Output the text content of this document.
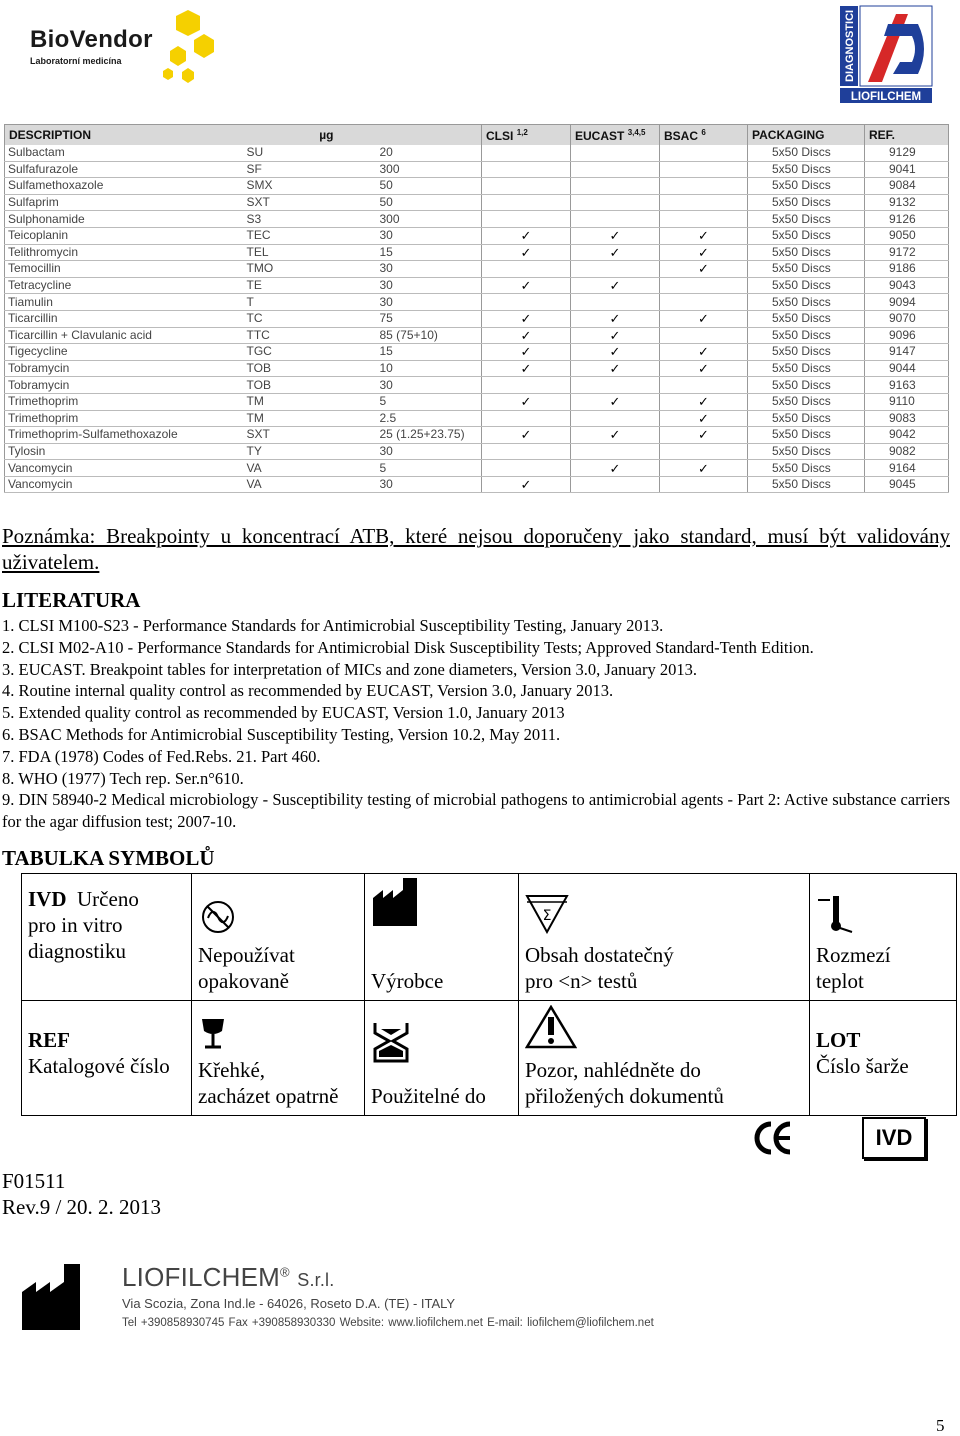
BioVendor
Laboratorní medicína	DIAGNOSTICI
LIOFILCHEM
DESCRIPTION	µg		CLSI $^{1,2}$	EUCAST $^{3,4,5}$	BSAC $^6$	PACKAGING	REF.
Sulbactam	SU	20				5x50 Discs	9129
Sulfafurazole	SF	300				5x50 Discs	9041
Sulfamethoxazole	SMX	50				5x50 Discs	9084
Sulfaprim	SXT	50				5x50 Discs	9132
Sulphonamide	S3	300				5x50 Discs	9126
Teicoplanin	TEC	30	✓	✓	✓	5x50 Discs	9050
Telithromycin	TEL	15	✓	✓	✓	5x50 Discs	9172
Temocillin	TMO	30			✓	5x50 Discs	9186
Tetracycline	TE	30	✓	✓		5x50 Discs	9043
Tiamulin	T	30				5x50 Discs	9094
Ticarcillin	TC	75	✓	✓	✓	5x50 Discs	9070
Ticarcillin + Clavulanic acid	TTC	85 (75+10)	✓	✓		5x50 Discs	9096
Tigecycline	TGC	15	✓	✓	✓	5x50 Discs	9147
Tobramycin	TOB	10	✓	✓	✓	5x50 Discs	9044
Tobramycin	TOB	30				5x50 Discs	9163
Trimethoprim	TM	5	✓	✓	✓	5x50 Discs	9110
Trimethoprim	TM	2.5			✓	5x50 Discs	9083
Trimethoprim-Sulfamethoxazole	SXT	25 (1.25+23.75)	✓	✓	✓	5x50 Discs	9042
Tylosin	TY	30				5x50 Discs	9082
Vancomycin	VA	5		✓	✓	5x50 Discs	9164
Vancomycin	VA	30	✓			5x50 Discs	9045
Poznámka: Breakpointy u koncentrací ATB, které nejsou doporučeny jako standard, musí být validovány uživatelem.
LITERATURA
1. CLSI M100-S23 - Performance Standards for Antimicrobial Susceptibility Testing, January 2013.
2. CLSI M02-A10 - Performance Standards for Antimicrobial Disk Susceptibility Tests; Approved Standard-Tenth Edition.
3. EUCAST. Breakpoint tables for interpretation of MICs and zone diameters, Version 3.0, January 2013.
4. Routine internal quality control as recommended by EUCAST, Version 3.0, January 2013.
5. Extended quality control as recommended by EUCAST, Version 1.0, January 2013
6. BSAC Methods for Antimicrobial Susceptibility Testing, Version 10.2, May 2011.
7. FDA (1978) Codes of Fed.Rebs. 21. Part 460.
8. WHO (1977) Tech rep. Ser.n°610.
9. DIN 58940-2 Medical microbiology - Susceptibility testing of microbial pathogens to antimicrobial agents - Part 2: Active substance carriers for the agar diffusion test; 2007-10.
TABULKA SYMBOLŮ
IVD Určeno
pro in vitro
diagnostiku	Nepoužívat
opakovaně	Výrobce	Σ
Obsah dostatečný
pro <n> testů	Rozmezí
teplot
REF
Katalogové číslo	Křehké,
zacházet opatrně	Použitelné do	Pozor, nahlédněte do
přiložených dokumentů	LOT
Číslo šarže
F01511
Rev.9 / 20. 2. 2013
IVD
LIOFILCHEM® S.r.l.
Via Scozia, Zona Ind.le - 64026, Roseto D.A. (TE) - ITALY
Tel +390858930745 Fax +390858930330 Website: www.liofilchem.net E-mail: liofilchem@liofilchem.net
5
